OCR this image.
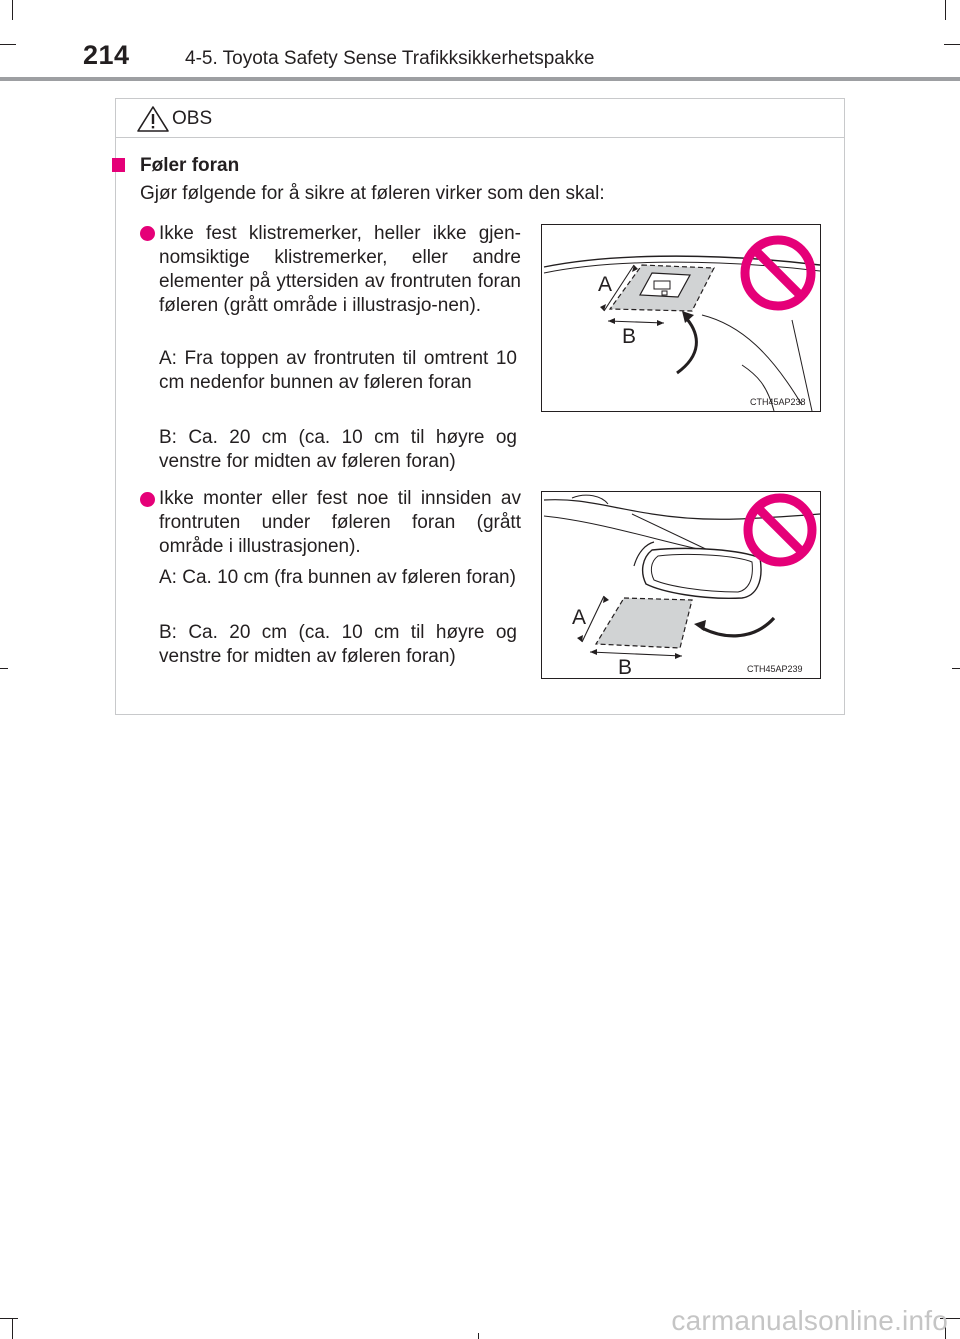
214	4-5. Toyota Safety Sense Trafikksikkerhetspakke
OBS
Føler foran
Gjør følgende for å sikre at føleren virker som den skal:
Ikke fest klistremerker, heller ikke gjen-nomsiktige klistremerker, eller andre elementer på yttersiden av frontruten foran føleren (grått område i illustrasjo-nen).
A: Fra toppen av frontruten til omtrent 10 cm nedenfor bunnen av føleren foran
B: Ca. 20 cm (ca. 10 cm til høyre og venstre for midten av føleren foran)
A
B
CTH45AP238
Ikke monter eller fest noe til innsiden av frontruten under føleren foran (grått område i illustrasjonen).
A: Ca. 10 cm (fra bunnen av føleren foran)
B: Ca. 20 cm (ca. 10 cm til høyre og venstre for midten av føleren foran)
A
B	CTH45AP239
carmanualsonline.info
